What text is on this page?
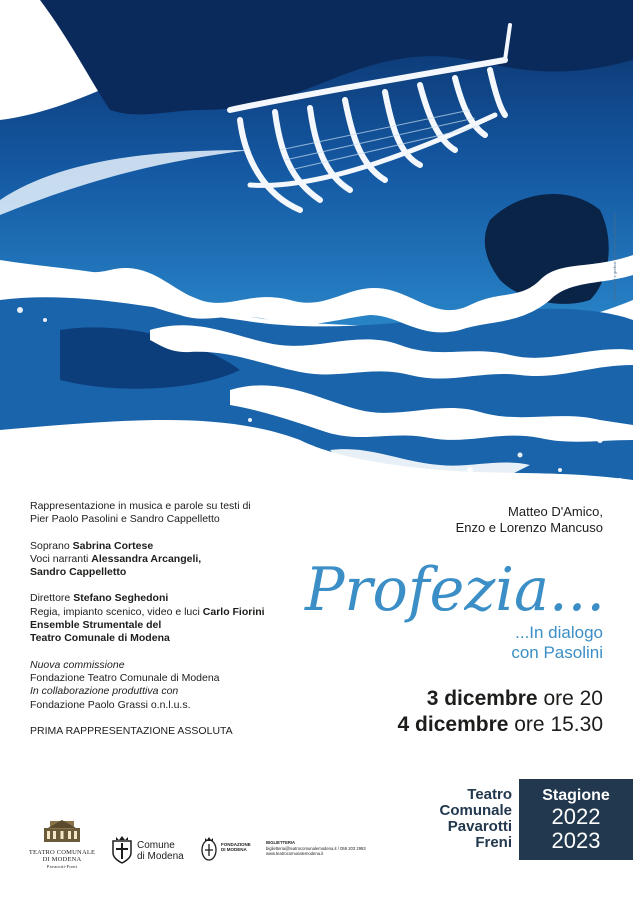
Illustrazione e grafica: www.francescarinaldi.com

Rappresentazione in musica e parole su testi di

Pier Paolo Pasolini e Sandro Cappelletto

Soprano Sabrina Cortese

Voci narranti Alessandra Arcangeli,

Sandro Cappelletto

Direttore Stefano Seghedoni

Regia, impianto scenico, video e luci Carlo Fiorini

Ensemble Strumentale del

Teatro Comunale di Modena

Nuova commissione

Fondazione Teatro Comunale di Modena

In collaborazione produttiva con

Fondazione Paolo Grassi o.n.l.u.s.

PRIMA RAPPRESENTAZIONE ASSOLUTA

Matteo D'Amico,
Enzo e Lorenzo Mancuso
Profezia...
...In dialogo
con Pasolini
3 dicembre ore 20
4 dicembre ore 15.30
Teatro
Comunale
Pavarotti
Freni
Stagione
2022
2023
TEATRO COMUNALE
DI MODENA
Pavarotti-Freni
Comune
di Modena
FONDAZIONE
DI MODENA
BIGLIETTERIA
biglietteria@teatrocomunalemodena.it / 059 203 2993
www.teatrocomunalemodena.it
